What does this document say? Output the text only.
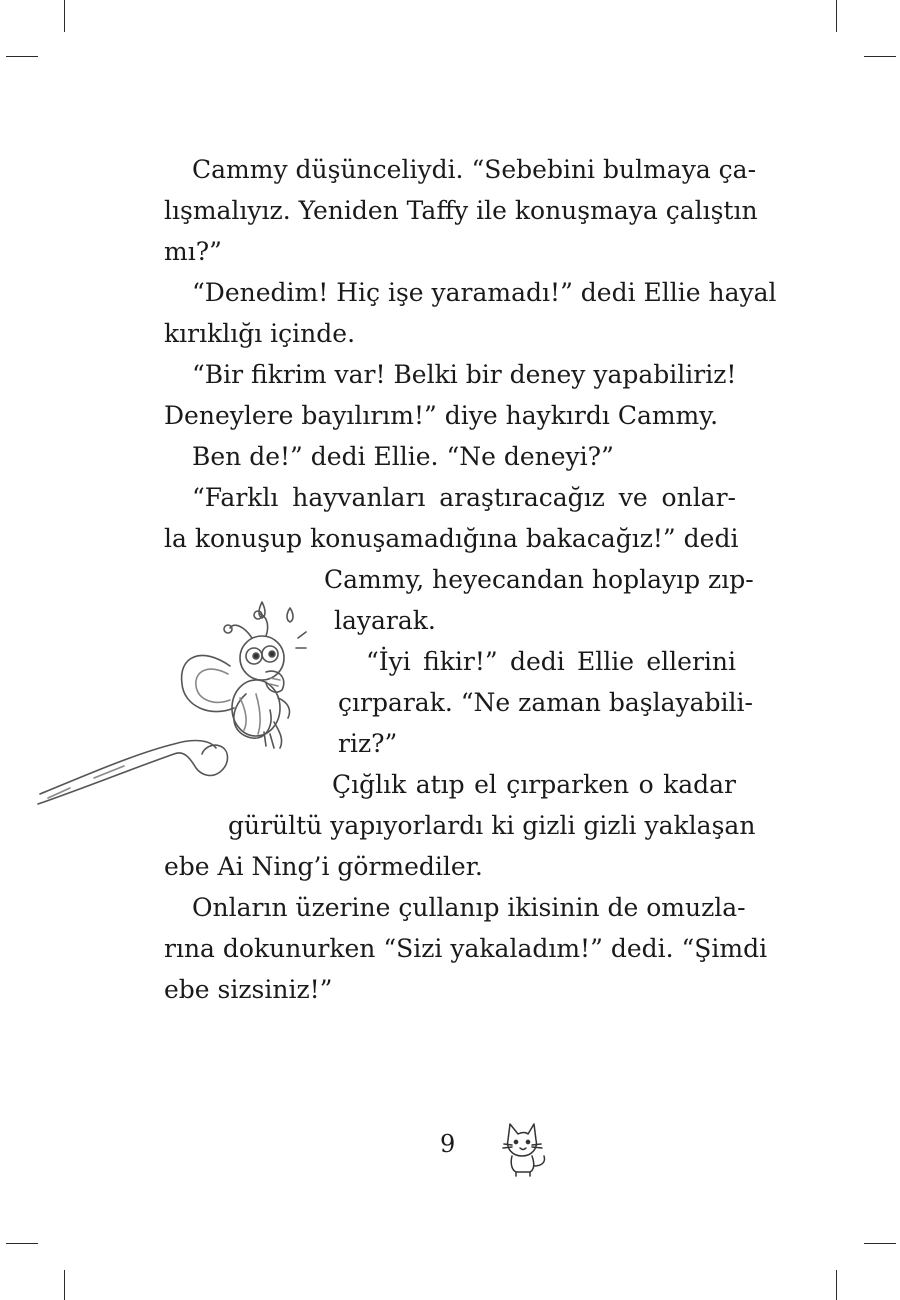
Cammy düşünceliydi. “Sebebini bulmaya ça-
lışmalıyız. Yeniden Taffy ile konuşmaya çalıştın
mı?”
“Denedim! Hiç işe yaramadı!” dedi Ellie hayal
kırıklığı içinde.
“Bir fikrim var! Belki bir deney yapabiliriz!
Deneylere bayılırım!” diye haykırdı Cammy.
Ben de!” dedi Ellie. “Ne deneyi?”
“Farklı hayvanları araştıracağız ve onlar-
la konuşup konuşamadığına bakacağız!” dedi
Cammy, heyecandan hoplayıp zıp-
layarak.
“İyi fikir!” dedi Ellie ellerini
çırparak. “Ne zaman başlayabili-
riz?”
Çığlık atıp el çırparken o kadar
gürültü yapıyorlardı ki gizli gizli yaklaşan
ebe Ai Ning’i görmediler.
Onların üzerine çullanıp ikisinin de omuzla-
rına dokunurken “Sizi yakaladım!” dedi. “Şimdi
ebe sizsiniz!”
9
